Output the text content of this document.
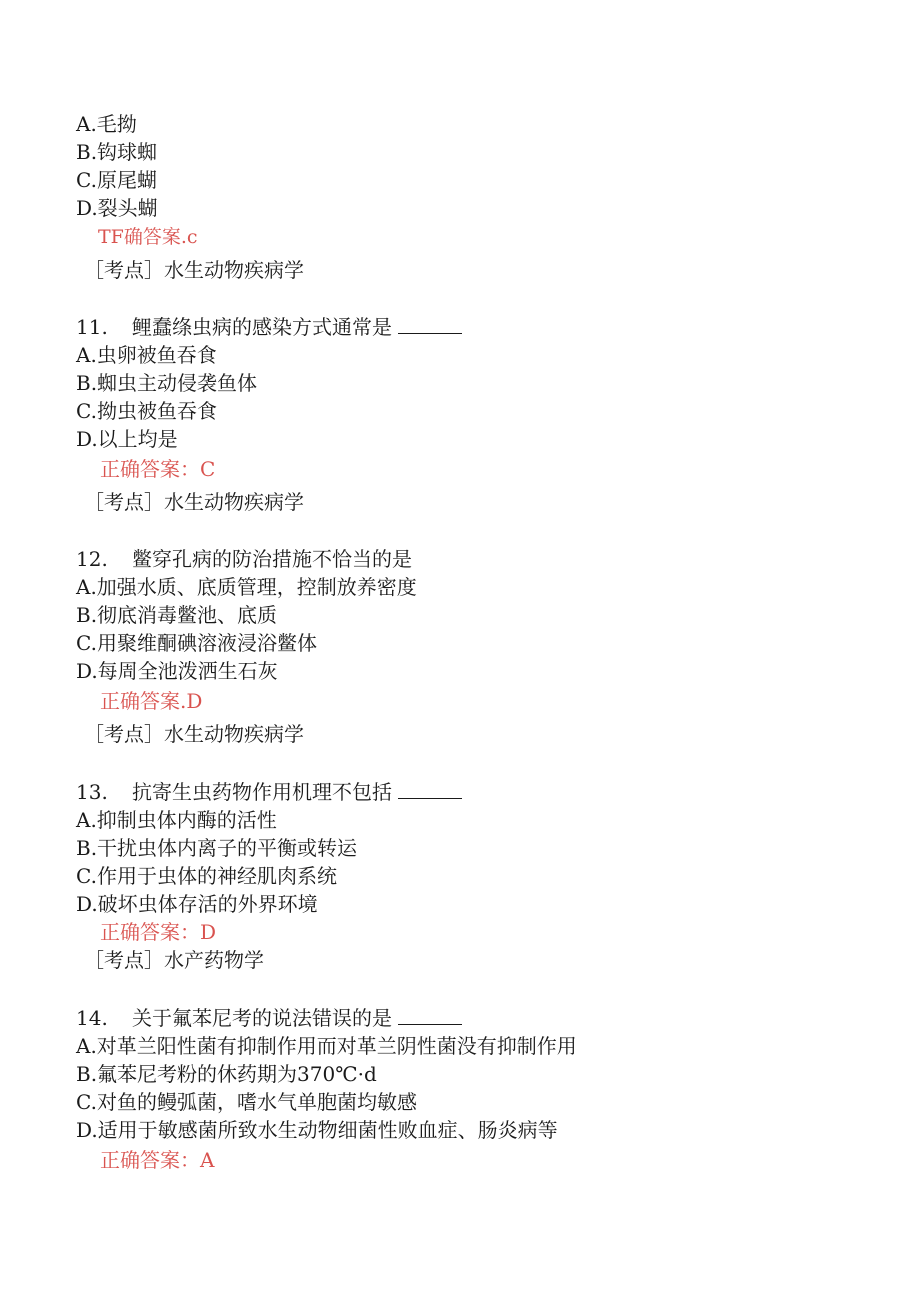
A.毛拗
B.钩球蜘
C.原尾蝴
D.裂头蝴
TF确答案.c
［考点］水生动物疾病学
11. 鲤蠢绦虫病的感染方式通常是
A.虫卵被鱼吞食
B.蜘虫主动侵袭鱼体
C.拗虫被鱼吞食
D.以上均是
正确答案：C
［考点］水生动物疾病学
12. 鳖穿孔病的防治措施不恰当的是
A.加强水质、底质管理，控制放养密度
B.彻底消毒鳖池、底质
C.用聚维酮碘溶液浸浴鳖体
D.每周全池泼洒生石灰
正确答案.D
［考点］水生动物疾病学
13. 抗寄生虫药物作用机理不包括
A.抑制虫体内酶的活性
B.干扰虫体内离子的平衡或转运
C.作用于虫体的神经肌肉系统
D.破坏虫体存活的外界环境
正确答案：D
［考点］水产药物学
14. 关于氟苯尼考的说法错误的是
A.对革兰阳性菌有抑制作用而对革兰阴性菌没有抑制作用
B.氟苯尼考粉的休药期为370℃·d
C.对鱼的鳗弧菌，嗜水气单胞菌均敏感
D.适用于敏感菌所致水生动物细菌性败血症、肠炎病等
正确答案：A
